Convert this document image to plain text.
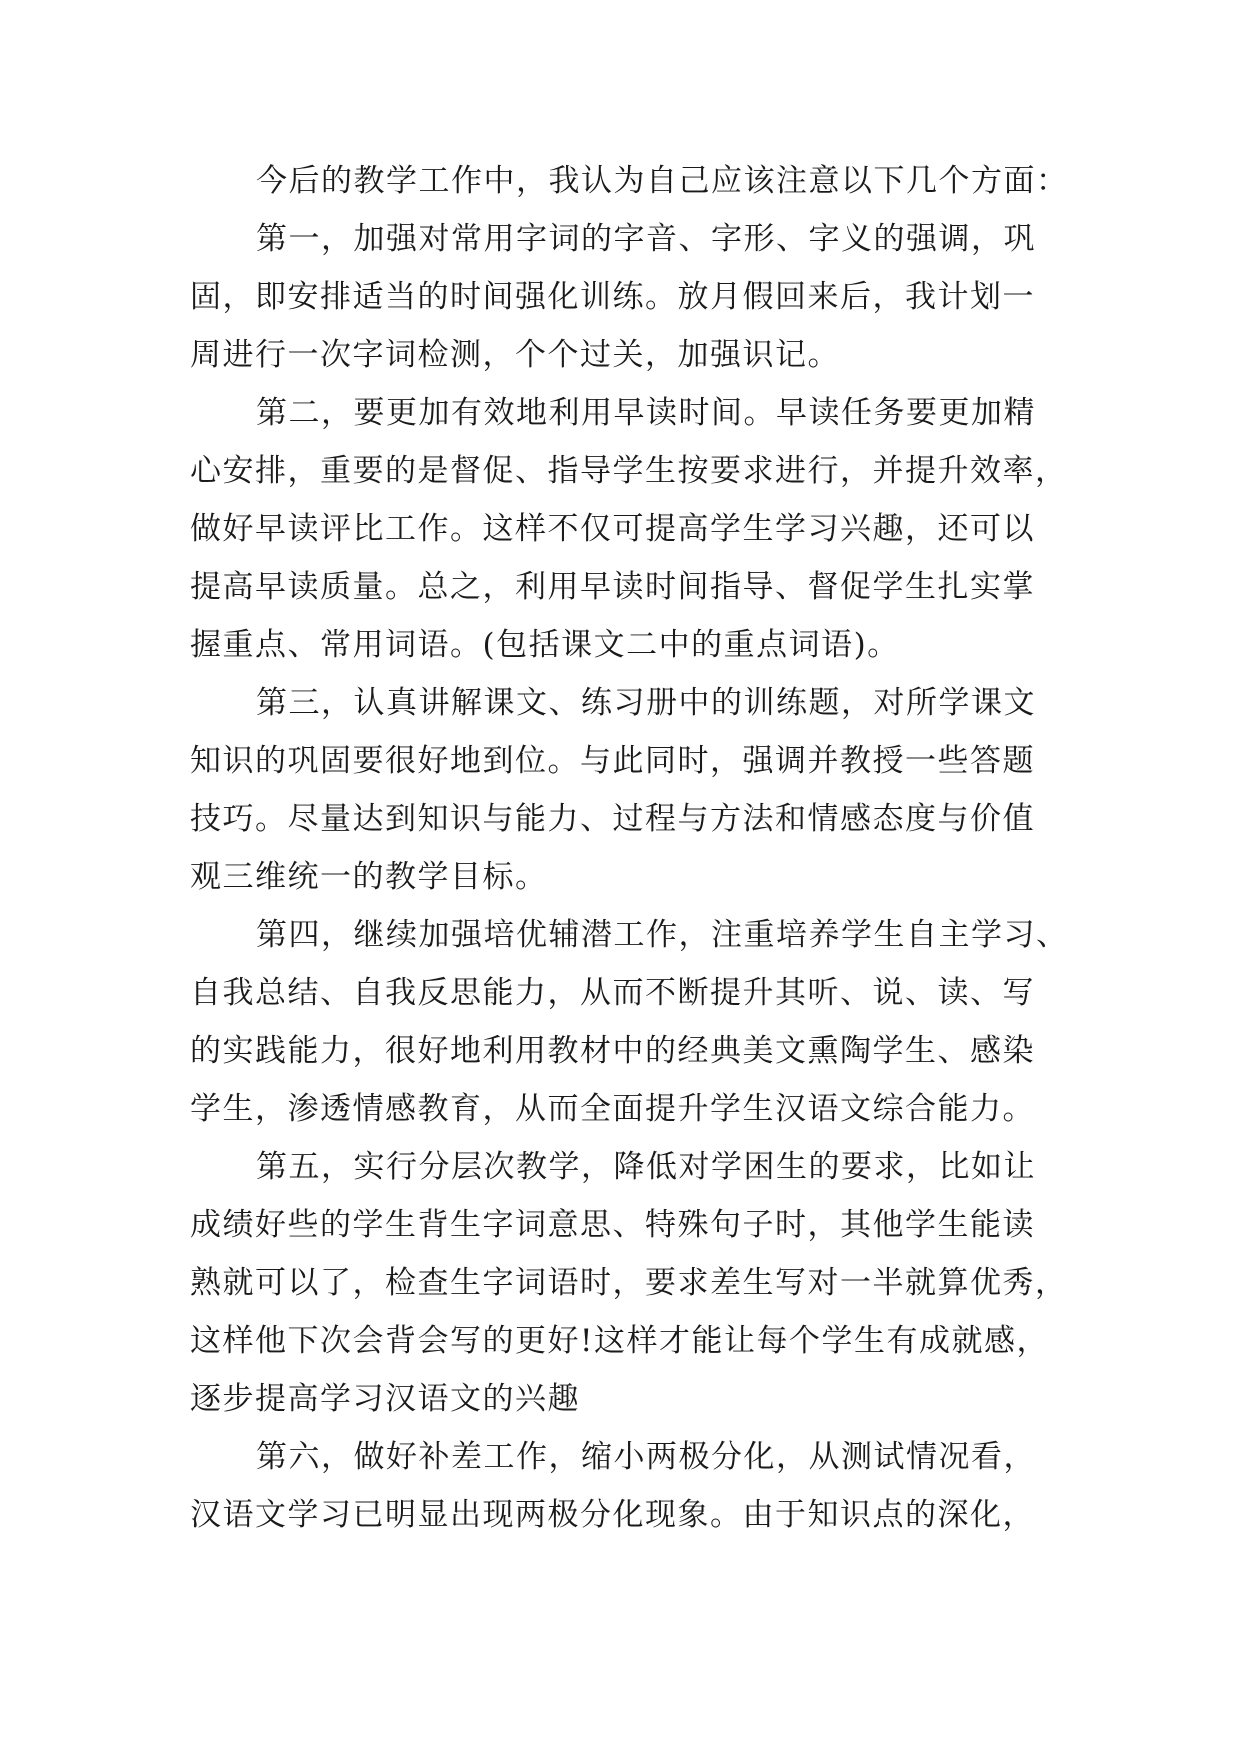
今后的教学工作中，我认为自己应该注意以下几个方面：
第一，加强对常用字词的字音、字形、字义的强调，巩
固，即安排适当的时间强化训练。放月假回来后，我计划一
周进行一次字词检测，个个过关，加强识记。
第二，要更加有效地利用早读时间。早读任务要更加精
心安排，重要的是督促、指导学生按要求进行，并提升效率，
做好早读评比工作。这样不仅可提高学生学习兴趣，还可以
提高早读质量。总之，利用早读时间指导、督促学生扎实掌
握重点、常用词语。(包括课文二中的重点词语)。
第三，认真讲解课文、练习册中的训练题，对所学课文
知识的巩固要很好地到位。与此同时，强调并教授一些答题
技巧。尽量达到知识与能力、过程与方法和情感态度与价值
观三维统一的教学目标。
第四，继续加强培优辅潜工作，注重培养学生自主学习、
自我总结、自我反思能力，从而不断提升其听、说、读、写
的实践能力，很好地利用教材中的经典美文熏陶学生、感染
学生，渗透情感教育，从而全面提升学生汉语文综合能力。
第五，实行分层次教学，降低对学困生的要求，比如让
成绩好些的学生背生字词意思、特殊句子时，其他学生能读
熟就可以了，检查生字词语时，要求差生写对一半就算优秀，
这样他下次会背会写的更好!这样才能让每个学生有成就感，
逐步提高学习汉语文的兴趣
第六，做好补差工作，缩小两极分化，从测试情况看，
汉语文学习已明显出现两极分化现象。由于知识点的深化，
